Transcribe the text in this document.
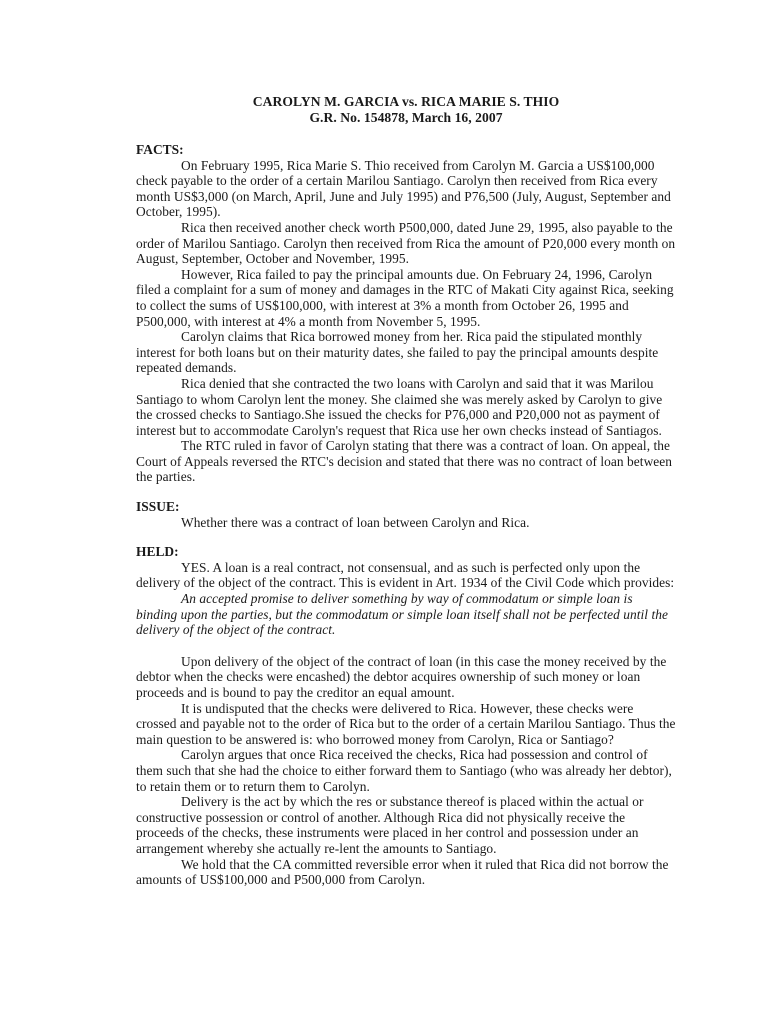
CAROLYN M. GARCIA vs. RICA MARIE S. THIO
G.R. No. 154878, March 16, 2007
FACTS:

On February 1995, Rica Marie S. Thio received from Carolyn M. Garcia a US$100,000 check payable to the order of a certain Marilou Santiago. Carolyn then received from Rica every month US$3,000 (on March, April, June and July 1995) and P76,500 (July, August, September and October, 1995).

Rica then received another check worth P500,000, dated June 29, 1995, also payable to the order of Marilou Santiago. Carolyn then received from Rica the amount of P20,000 every month on August, September, October and November, 1995.

However, Rica failed to pay the principal amounts due. On February 24, 1996, Carolyn filed a complaint for a sum of money and damages in the RTC of Makati City against Rica, seeking to collect the sums of US$100,000, with interest at 3% a month from October 26, 1995 and P500,000, with interest at 4% a month from November 5, 1995.

Carolyn claims that Rica borrowed money from her. Rica paid the stipulated monthly interest for both loans but on their maturity dates, she failed to pay the principal amounts despite repeated demands.

Rica denied that she contracted the two loans with Carolyn and said that it was Marilou Santiago to whom Carolyn lent the money. She claimed she was merely asked by Carolyn to give the crossed checks to Santiago.She issued the checks for P76,000 and P20,000 not as payment of interest but to accommodate Carolyn's request that Rica use her own checks instead of Santiagos.

The RTC ruled in favor of Carolyn stating that there was a contract of loan. On appeal, the Court of Appeals reversed the RTC's decision and stated that there was no contract of loan between the parties.

ISSUE:
Whether there was a contract of loan between Carolyn and Rica.
HELD:

YES. A loan is a real contract, not consensual, and as such is perfected only upon the delivery of the object of the contract. This is evident in Art. 1934 of the Civil Code which provides:

An accepted promise to deliver something by way of commodatum or simple loan is binding upon the parties, but the commodatum or simple loan itself shall not be perfected until the delivery of the object of the contract.

Upon delivery of the object of the contract of loan (in this case the money received by the debtor when the checks were encashed) the debtor acquires ownership of such money or loan proceeds and is bound to pay the creditor an equal amount.

It is undisputed that the checks were delivered to Rica. However, these checks were crossed and payable not to the order of Rica but to the order of a certain Marilou Santiago. Thus the main question to be answered is: who borrowed money from Carolyn, Rica or Santiago?

Carolyn argues that once Rica received the checks, Rica had possession and control of them such that she had the choice to either forward them to Santiago (who was already her debtor), to retain them or to return them to Carolyn.

Delivery is the act by which the res or substance thereof is placed within the actual or constructive possession or control of another. Although Rica did not physically receive the proceeds of the checks, these instruments were placed in her control and possession under an arrangement whereby she actually re-lent the amounts to Santiago.

We hold that the CA committed reversible error when it ruled that Rica did not borrow the amounts of US$100,000 and P500,000 from Carolyn.
